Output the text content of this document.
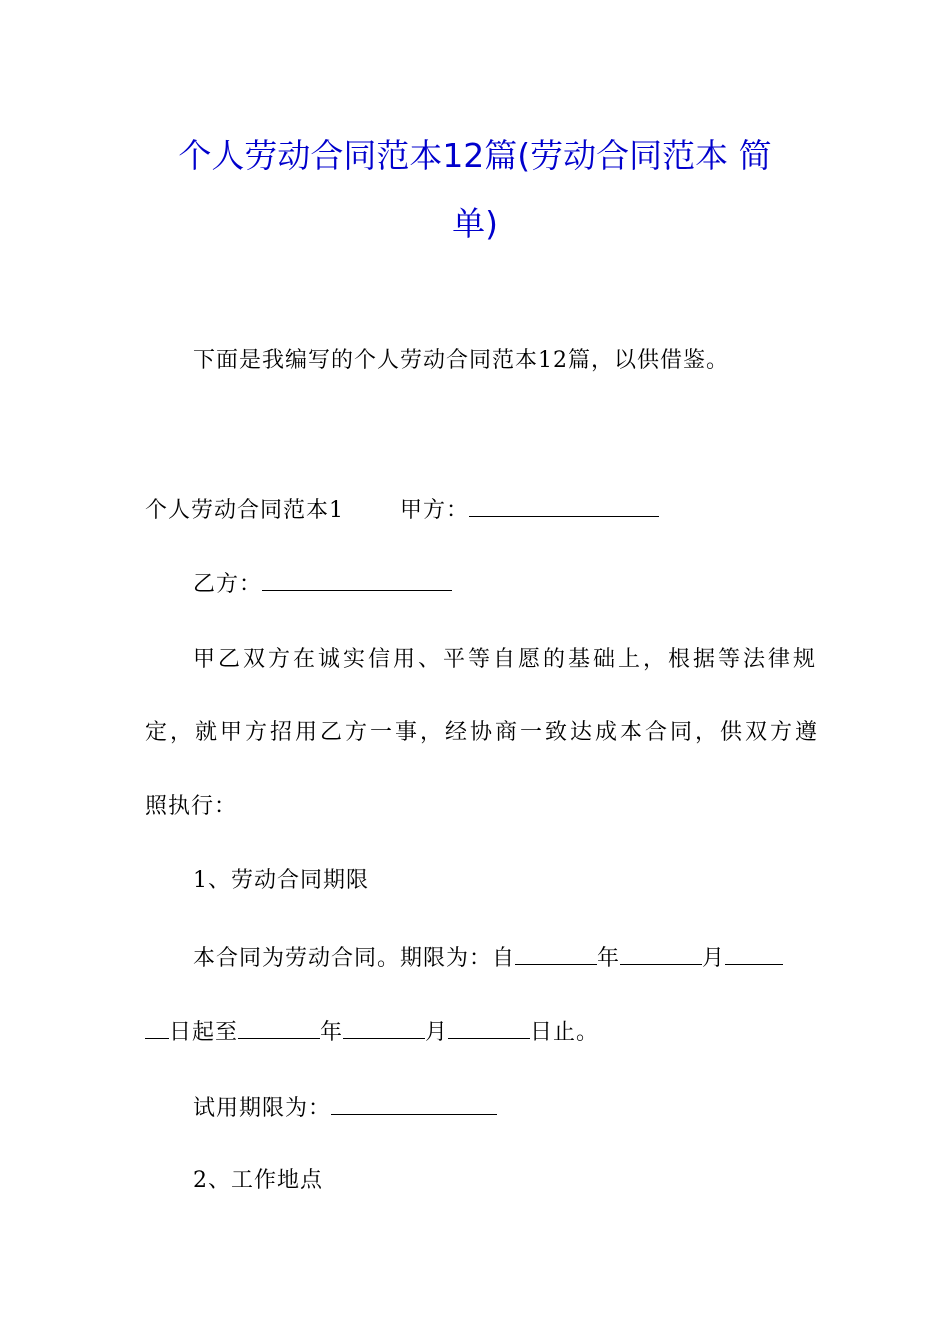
个人劳动合同范本12篇(劳动合同范本 简
单)
下面是我编写的个人劳动合同范本12篇，以供借鉴。
个人劳动合同范本1	甲方：
乙方：
甲乙双方在诚实信用、平等自愿的基础上，根据等法律规
定，就甲方招用乙方一事，经协商一致达成本合同，供双方遵
照执行：
1、劳动合同期限
本合同为劳动合同。期限为：自	年	月
日起至	年	月	日止。
试用期限为：
2、工作地点
